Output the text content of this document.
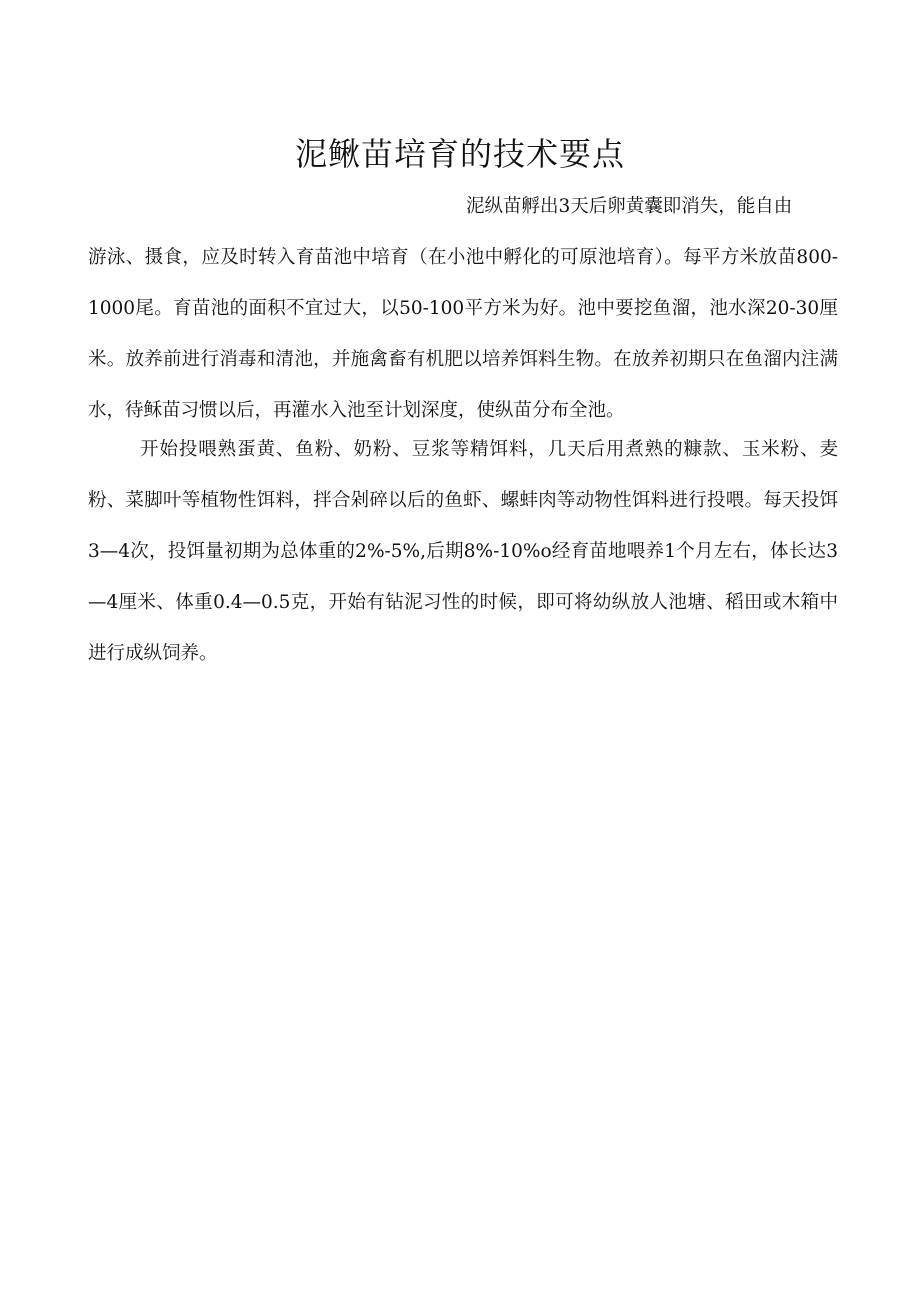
泥鳅苗培育的技术要点

泥纵苗孵出3天后卵黄囊即消失，能自由

游泳、摄食，应及时转入育苗池中培育（在小池中孵化的可原池培育）。每平方米放苗800-1000尾。育苗池的面积不宜过大，以50-100平方米为好。池中要挖鱼溜，池水深20-30厘米。放养前进行消毒和清池，并施禽畜有机肥以培养饵料生物。在放养初期只在鱼溜内注满水，待稣苗习惯以后，再灌水入池至计划深度，使纵苗分布全池。

开始投喂熟蛋黄、鱼粉、奶粉、豆浆等精饵料，几天后用煮熟的糠款、玉米粉、麦粉、菜脚叶等植物性饵料，拌合剁碎以后的鱼虾、螺蚌肉等动物性饵料进行投喂。每天投饵3—4次，投饵量初期为总体重的2%-5%,后期8%-10%o经育苗地喂养1个月左右，体长达3—4厘米、体重0.4—0.5克，开始有钻泥习性的时候，即可将幼纵放人池塘、稻田或木箱中进行成纵饲养。
